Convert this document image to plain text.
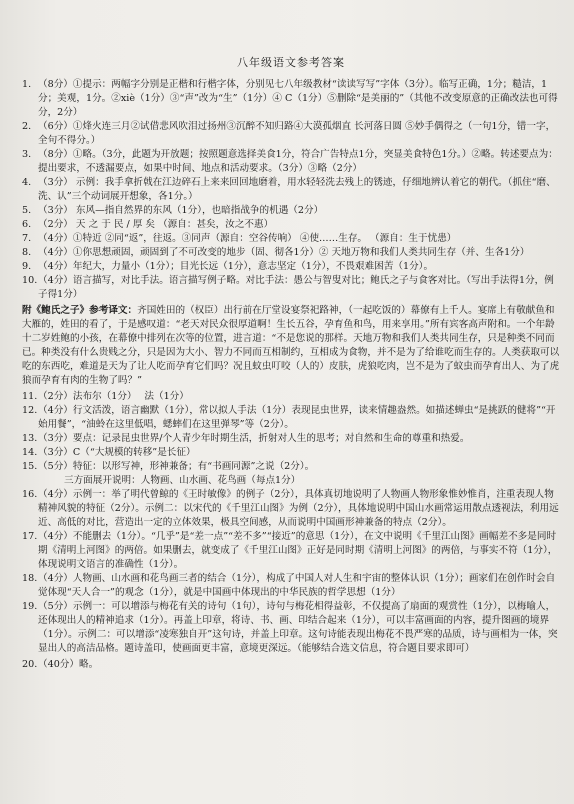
八年级语文参考答案
1. （8分）①提示：两幅字分别是正楷和行楷字体，分别见七八年级教材“读读写写”字体（3分）。临写正确，1分；糙洁，1分；美观，1分。②xiè（1分）③“声”改为“生”（1分）④ C（1分）⑤删除“是美丽的”（其他不改变原意的正确改法也可得分，2分）
2. （6分）①烽火连三月②试借悲风吹泪过扬州③沉醉不知归路④大漠孤烟直 长河落日圆 ⑤妙手偶得之（一句1分，错一字，全句不得分。）
3. （8分）①略。（3分，此题为开放题；按照题意选择美食1分，符合广告特点1分，突显美食特色1分。）②略。转述要点为：提出要求，不透漏要点，如果中时间、地点和活动要求。（3分）③略（2分）
4. （3分） 示例：我手拿折戟在江边碎石上来来回回地磨着，用水轻轻洗去残上的锈迹，仔细地辨认着它的朝代。（抓住“磨、洗、认”三个动词展开想象，各1分。）
5. （3分） 东风—指自然界的东风（1分），也暗指战争的机遇（2分）
6. （2分） 天 之 于 民 / 厚 矣 （源自：甚矣，汝之不惠）
7. （4分）①特近 ②同“返”，往返。③同声（源自：空谷传响） ④使……生存。 （源自：生于忧患）
8. （4分）①你思想顽固，顽固到了不可改变的地步（固、彻各1分）② 天地万物和我们人类共同生存（并、生各1分）
9. （4分）年纪大，力量小（1分）；目光长远（1分），意志坚定（1分），不畏艰难困苦（1分）。
10. （4分）语言描写，对比手法。语言描写例子略。对比手法：愚公与智叟对比；鲍氏之子与食客对比。（写出手法得1分，例子得1分）

附《鲍氏之子》参考译文：齐国姓田的（权臣）出行前在厅堂设宴祭祀路神，（一起吃饭的）幕僚有上千人。宴席上有敬献鱼和大雁的，姓田的看了，于是感叹道：“老天对民众很厚道啊！生长五谷，孕育鱼和鸟，用来享用。”所有宾客高声附和。一个年龄十二岁姓鲍的小孩，在幕僚中排列在次等的位置，进言道：“不是您说的那样。天地万物和我们人类共同生存，只是种类不同而已。种类没有什么贵贱之分，只是因为大小、智力不同而互相制约，互相成为食物，并不是为了给谁吃而生存的。人类获取可以吃的东西吃，难道是天为了让人吃而孕育它们吗？况且蚊虫叮咬（人的）皮肤，虎狼吃肉，岂不是为了蚊虫而孕育出人、为了虎狼而孕育有肉的生物了吗？”

11. （2分）法布尔（1分）　 法（1分）
12. （4分）行文活泼，语言幽默（1分），常以拟人手法（1分）表现昆虫世界，读来情趣盎然。如描述蝉虫“是挑跃的健将”“开始用餐”，“油蛉在这里低唱，蟋蟀们在这里弹琴”等（2分）。
13. （3分）要点：记录昆虫世界/个人青少年时期生活，折射对人生的思考；对自然和生命的尊重和热爱。
14. （3分）C（“大规模的转移”是长征）
15. （5分）特征：以形写神，形神兼备；有“书画同源”之说（2分）。
三方面展开说明：人物画、山水画、花鸟画（每点1分）
16. （4分）示例一：举了明代曾鲸的《王时敏像》的例子（2分），具体真切地说明了人物画人物形象惟妙惟肖，注重表现人物精神风貌的特征（2分）。示例二：以宋代的《千里江山图》为例（2分），具体地说明中国山水画常运用散点透视法，利用远近、高低的对比，营造出一定的立体效果，极具空间感，从而说明中国画形神兼备的特点（2分）。
17. （4分）不能删去（1分）。“几乎”是“差一点”“差不多”“接近”的意思（1分），在文中说明《千里江山图》画幅差不多是同时期《清明上河图》的两倍。如果删去，就变成了《千里江山图》正好是同时期《清明上河图》的两倍，与事实不符（1分），体现说明文语言的准确性（1分）。
18. （4分）人物画、山水画和花鸟画三者的结合（1分），构成了中国人对人生和宇宙的整体认识（1分）；画家们在创作时会自觉体现“天人合一”的观念（1分），就是中国画中体现出的中华民族的哲学思想（1分）
19. （5分）示例一：可以增添与梅花有关的诗句（1句），诗句与梅花相得益彰，不仅提高了扇面的观赏性（1分），以梅喻人，还体现出人的精神追求（1分）。再盖上印章，将诗、书、画、印结合起来（1分），可以丰富画面的内容，提升图画的境界（1分）。示例二：可以增添“凌寒独自开”这句诗，并盖上印章。这句诗能表现出梅花不畏严寒的品质，诗与画相为一体，突显出人的高洁品格。题诗盖印，使画面更丰富，意境更深远。（能够结合选文信息，符合题目要求即可）
20. （40分）略。
